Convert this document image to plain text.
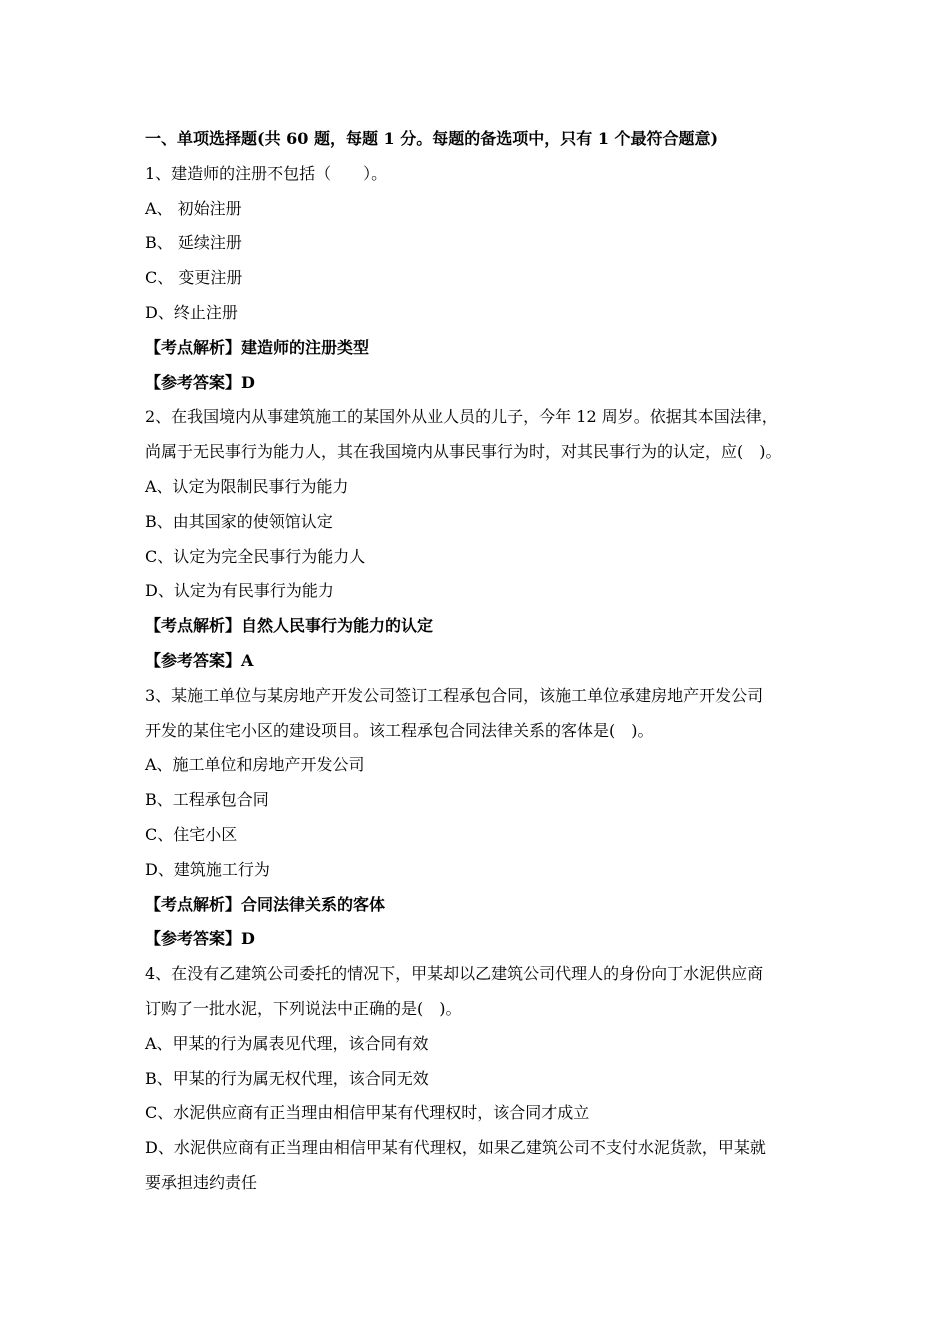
一、单项选择题(共 60 题，每题 1 分。每题的备选项中，只有 1 个最符合题意)

1、建造师的注册不包括（　　）。

A、 初始注册

B、 延续注册

C、 变更注册

D、终止注册

【考点解析】建造师的注册类型

【参考答案】D

2、在我国境内从事建筑施工的某国外从业人员的儿子，今年 12 周岁。依据其本国法律，

尚属于无民事行为能力人，其在我国境内从事民事行为时，对其民事行为的认定，应(　)。

A、认定为限制民事行为能力

B、由其国家的使领馆认定

C、认定为完全民事行为能力人

D、认定为有民事行为能力

【考点解析】自然人民事行为能力的认定

【参考答案】A

3、某施工单位与某房地产开发公司签订工程承包合同，该施工单位承建房地产开发公司

开发的某住宅小区的建设项目。该工程承包合同法律关系的客体是(　)。

A、施工单位和房地产开发公司

B、工程承包合同

C、住宅小区

D、建筑施工行为

【考点解析】合同法律关系的客体

【参考答案】D

4、在没有乙建筑公司委托的情况下，甲某却以乙建筑公司代理人的身份向丁水泥供应商

订购了一批水泥，下列说法中正确的是(　)。

A、甲某的行为属表见代理，该合同有效

B、甲某的行为属无权代理，该合同无效

C、水泥供应商有正当理由相信甲某有代理权时，该合同才成立

D、水泥供应商有正当理由相信甲某有代理权，如果乙建筑公司不支付水泥货款，甲某就

要承担违约责任
